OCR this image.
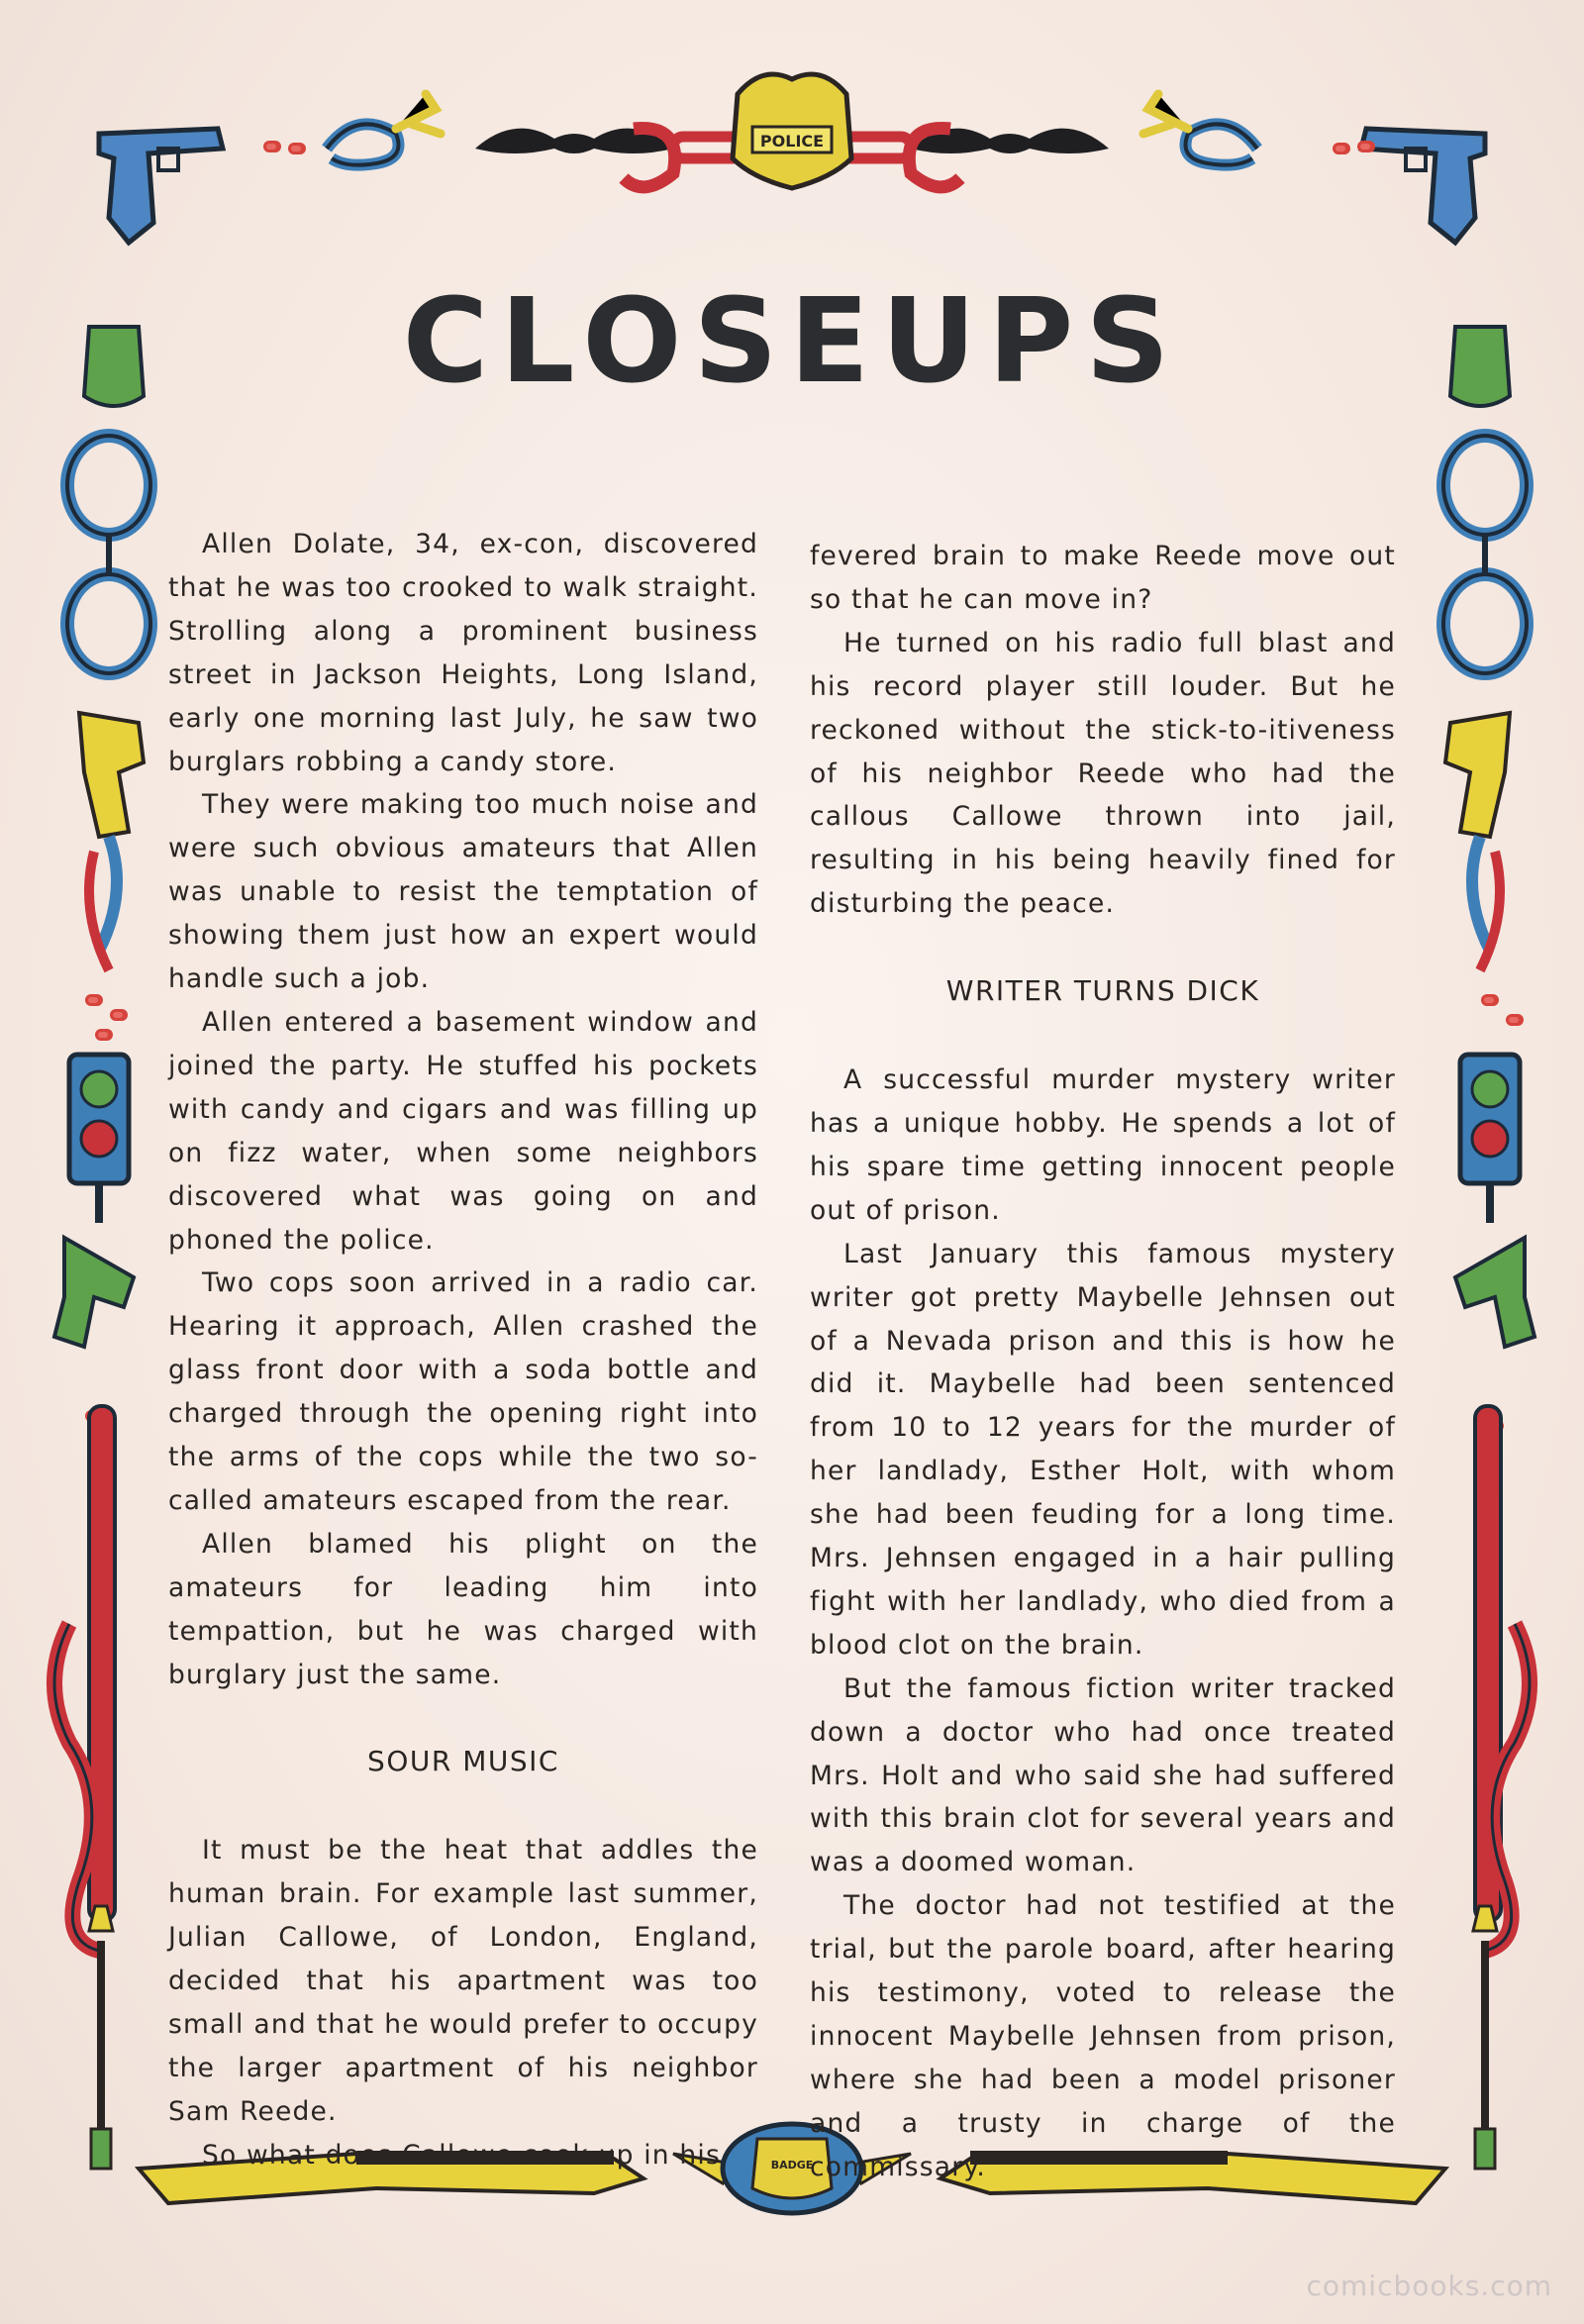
POLICE
BADGE
CLOSEUPS

Allen Dolate, 34, ex-con, discovered that he was too crooked to walk straight. Strolling along a prominent business street in Jackson Heights, Long Island, early one morning last July, he saw two burglars robbing a candy store.

They were making too much noise and were such obvious amateurs that Allen was unable to resist the temptation of showing them just how an expert would handle such a job.

Allen entered a basement window and joined the party. He stuffed his pockets with candy and cigars and was filling up on fizz water, when some neighbors discovered what was going on and phoned the police.

Two cops soon arrived in a radio car. Hearing it approach, Allen crashed the glass front door with a soda bottle and charged through the opening right into the arms of the cops while the two so-called amateurs escaped from the rear.

Allen blamed his plight on the amateurs for leading him into tempattion, but he was charged with burglary just the same.

SOUR MUSIC

It must be the heat that addles the human brain. For example last summer, Julian Callowe, of London, England, decided that his apartment was too small and that he would prefer to occupy the larger apartment of his neighbor Sam Reede.

So what does Callowe cook up in his

fevered brain to make Reede move out so that he can move in?

He turned on his radio full blast and his record player still louder. But he reckoned without the stick-to-itiveness of his neighbor Reede who had the callous Callowe thrown into jail, resulting in his being heavily fined for disturbing the peace.

WRITER TURNS DICK

A successful murder mystery writer has a unique hobby. He spends a lot of his spare time getting innocent people out of prison.

Last January this famous mystery writer got pretty Maybelle Jehnsen out of a Nevada prison and this is how he did it. Maybelle had been sentenced from 10 to 12 years for the murder of her landlady, Esther Holt, with whom she had been feuding for a long time. Mrs. Jehnsen engaged in a hair pulling fight with her landlady, who died from a blood clot on the brain.

But the famous fiction writer tracked down a doctor who had once treated Mrs. Holt and who said she had suffered with this brain clot for several years and was a doomed woman.

The doctor had not testified at the trial, but the parole board, after hearing his testimony, voted to release the innocent Maybelle Jehnsen from prison, where she had been a model prisoner and a trusty in charge of the commissary.

comicbooks.com
